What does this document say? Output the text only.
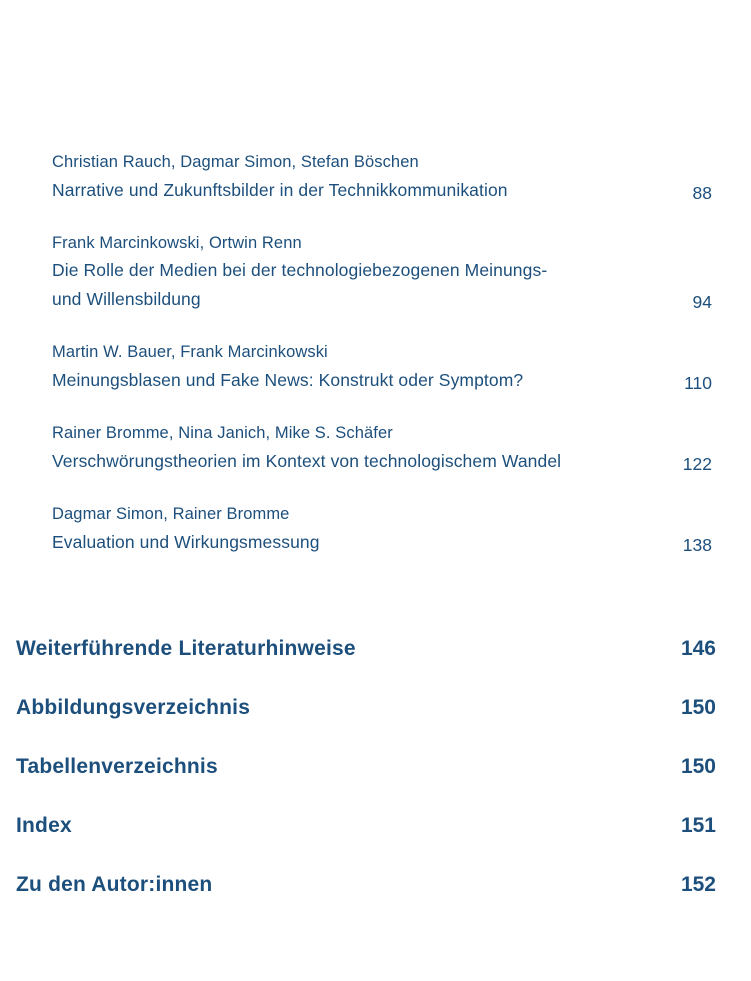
Christian Rauch, Dagmar Simon, Stefan Böschen
Narrative und Zukunftsbilder in der Technikkommunikation	88
Frank Marcinkowski, Ortwin Renn
Die Rolle der Medien bei der technologiebezogenen Meinungs-
und Willensbildung	94
Martin W. Bauer, Frank Marcinkowski
Meinungsblasen und Fake News: Konstrukt oder Symptom?	110
Rainer Bromme, Nina Janich, Mike S. Schäfer
Verschwörungstheorien im Kontext von technologischem Wandel	122
Dagmar Simon, Rainer Bromme
Evaluation und Wirkungsmessung	138
Weiterführende Literaturhinweise	146
Abbildungsverzeichnis	150
Tabellenverzeichnis	150
Index	151
Zu den Autor:innen	152
